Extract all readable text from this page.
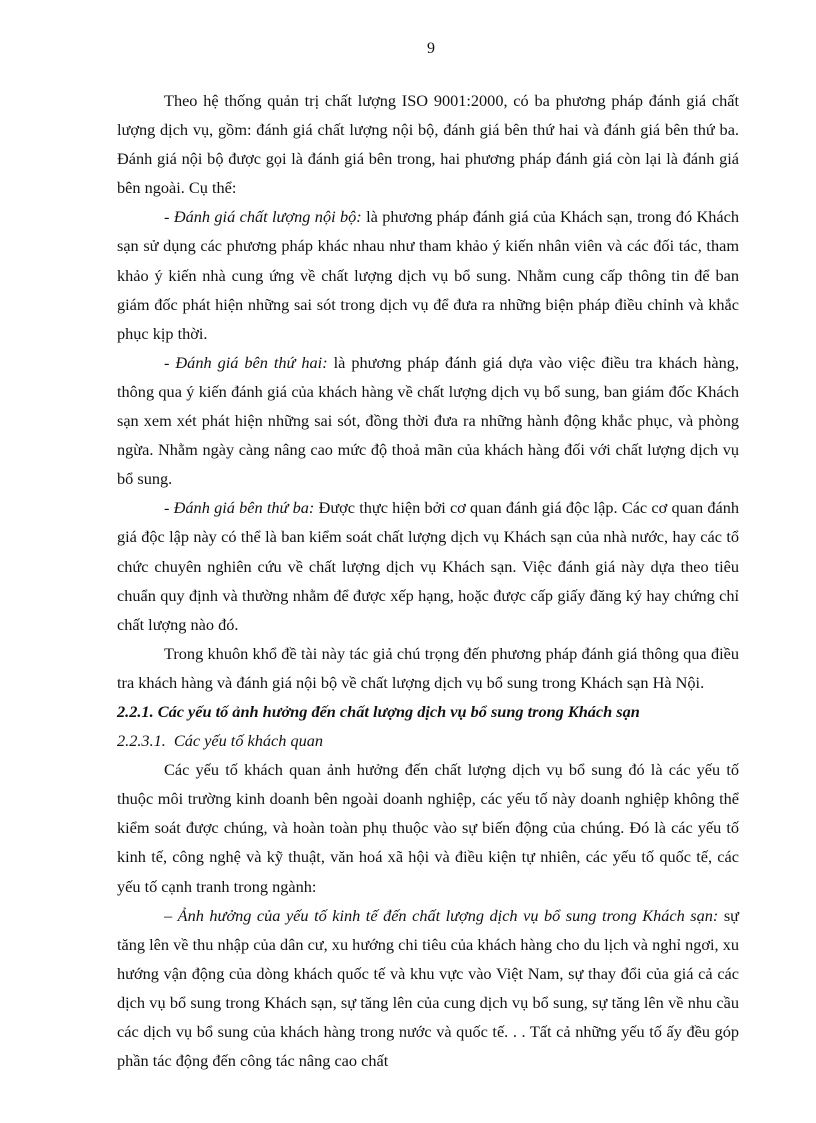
9

Theo hệ thống quản trị chất lượng ISO 9001:2000, có ba phương pháp đánh giá chất lượng dịch vụ, gồm: đánh giá chất lượng nội bộ, đánh giá bên thứ hai và đánh giá bên thứ ba. Đánh giá nội bộ được gọi là đánh giá bên trong, hai phương pháp đánh giá còn lại là đánh giá bên ngoài. Cụ thể:

- Đánh giá chất lượng nội bộ: là phương pháp đánh giá của Khách sạn, trong đó Khách sạn sử dụng các phương pháp khác nhau như tham khảo ý kiến nhân viên và các đối tác, tham khảo ý kiến nhà cung ứng về chất lượng dịch vụ bổ sung. Nhằm cung cấp thông tin để ban giám đốc phát hiện những sai sót trong dịch vụ để đưa ra những biện pháp điều chỉnh và khắc phục kịp thời.

- Đánh giá bên thứ hai: là phương pháp đánh giá dựa vào việc điều tra khách hàng, thông qua ý kiến đánh giá của khách hàng về chất lượng dịch vụ bổ sung, ban giám đốc Khách sạn xem xét phát hiện những sai sót, đồng thời đưa ra những hành động khắc phục, và phòng ngừa. Nhằm ngày càng nâng cao mức độ thoả mãn của khách hàng đối với chất lượng dịch vụ bổ sung.

- Đánh giá bên thứ ba: Được thực hiện bởi cơ quan đánh giá độc lập. Các cơ quan đánh giá độc lập này có thể là ban kiểm soát chất lượng dịch vụ Khách sạn của nhà nước, hay các tổ chức chuyên nghiên cứu về chất lượng dịch vụ Khách sạn. Việc đánh giá này dựa theo tiêu chuẩn quy định và thường nhằm để được xếp hạng, hoặc được cấp giấy đăng ký hay chứng chỉ chất lượng nào đó.

Trong khuôn khổ đề tài này tác giả chú trọng đến phương pháp đánh giá thông qua điều tra khách hàng và đánh giá nội bộ về chất lượng dịch vụ bổ sung trong Khách sạn Hà Nội.

2.2.1. Các yếu tố ảnh hưởng đến chất lượng dịch vụ bổ sung trong Khách sạn

2.2.3.1. Các yếu tố khách quan

Các yếu tố khách quan ảnh hưởng đến chất lượng dịch vụ bổ sung đó là các yếu tố thuộc môi trường kinh doanh bên ngoài doanh nghiệp, các yếu tố này doanh nghiệp không thể kiểm soát được chúng, và hoàn toàn phụ thuộc vào sự biến động của chúng. Đó là các yếu tố kinh tế, công nghệ và kỹ thuật, văn hoá xã hội và điều kiện tự nhiên, các yếu tố quốc tế, các yếu tố cạnh tranh trong ngành:

– Ảnh hưởng của yếu tố kinh tế đến chất lượng dịch vụ bổ sung trong Khách sạn: sự tăng lên về thu nhập của dân cư, xu hướng chi tiêu của khách hàng cho du lịch và nghỉ ngơi, xu hướng vận động của dòng khách quốc tế và khu vực vào Việt Nam, sự thay đổi của giá cả các dịch vụ bổ sung trong Khách sạn, sự tăng lên của cung dịch vụ bổ sung, sự tăng lên về nhu cầu các dịch vụ bổ sung của khách hàng trong nước và quốc tế. . . Tất cả những yếu tố ấy đều góp phần tác động đến công tác nâng cao chất
